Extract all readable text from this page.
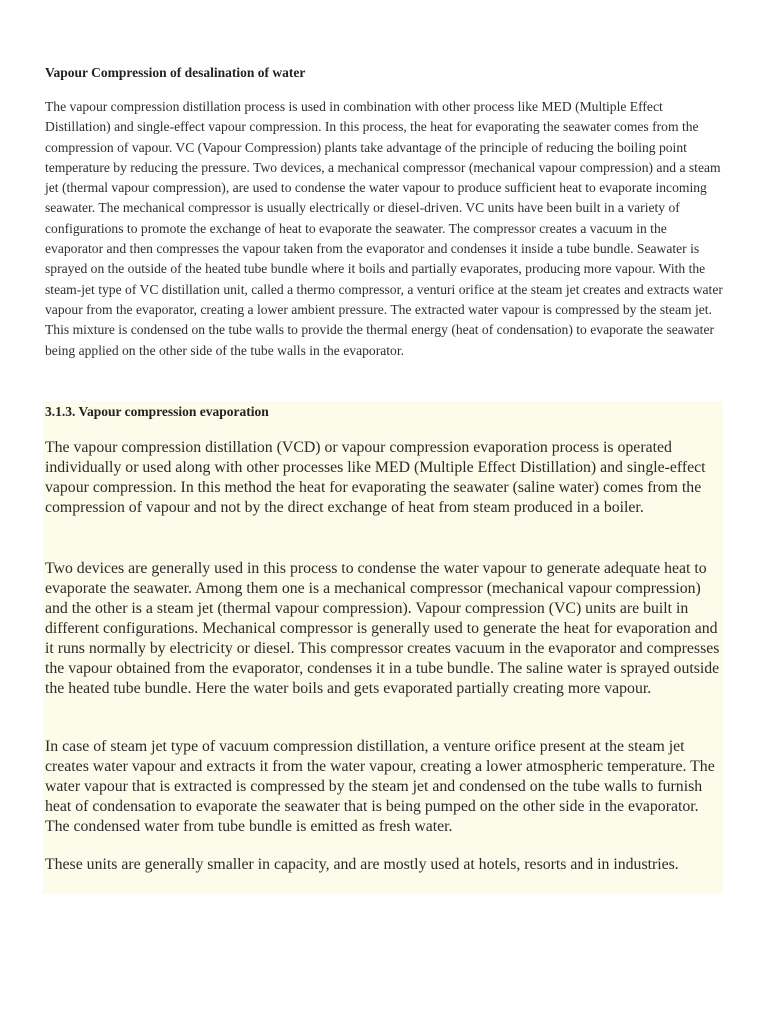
Vapour Compression of desalination of water

The vapour compression distillation process is used in combination with other process like MED (Multiple Effect Distillation) and single-effect vapour compression. In this process, the heat for evaporating the seawater comes from the compression of vapour. VC (Vapour Compression) plants take advantage of the principle of reducing the boiling point temperature by reducing the pressure. Two devices, a mechanical compressor (mechanical vapour compression) and a steam jet (thermal vapour compression), are used to condense the water vapour to produce sufficient heat to evaporate incoming seawater. The mechanical compressor is usually electrically or diesel-driven. VC units have been built in a variety of configurations to promote the exchange of heat to evaporate the seawater. The compressor creates a vacuum in the evaporator and then compresses the vapour taken from the evaporator and condenses it inside a tube bundle. Seawater is sprayed on the outside of the heated tube bundle where it boils and partially evaporates, producing more vapour. With the steam-jet type of VC distillation unit, called a thermo compressor, a venturi orifice at the steam jet creates and extracts water vapour from the evaporator, creating a lower ambient pressure. The extracted water vapour is compressed by the steam jet. This mixture is condensed on the tube walls to provide the thermal energy (heat of condensation) to evaporate the seawater being applied on the other side of the tube walls in the evaporator.

3.1.3. Vapour compression evaporation

The vapour compression distillation (VCD) or vapour compression evaporation process is operated individually or used along with other processes like MED (Multiple Effect Distillation) and single-effect vapour compression. In this method the heat for evaporating the seawater (saline water) comes from the compression of vapour and not by the direct exchange of heat from steam produced in a boiler.

Two devices are generally used in this process to condense the water vapour to generate adequate heat to evaporate the seawater. Among them one is a mechanical compressor (mechanical vapour compression) and the other is a steam jet (thermal vapour compression). Vapour compression (VC) units are built in different configurations. Mechanical compressor is generally used to generate the heat for evaporation and it runs normally by electricity or diesel. This compressor creates vacuum in the evaporator and compresses the vapour obtained from the evaporator, condenses it in a tube bundle. The saline water is sprayed outside the heated tube bundle. Here the water boils and gets evaporated partially creating more vapour.

In case of steam jet type of vacuum compression distillation, a venture orifice present at the steam jet creates water vapour and extracts it from the water vapour, creating a lower atmospheric temperature. The water vapour that is extracted is compressed by the steam jet and condensed on the tube walls to furnish heat of condensation to evaporate the seawater that is being pumped on the other side in the evaporator. The condensed water from tube bundle is emitted as fresh water.

These units are generally smaller in capacity, and are mostly used at hotels, resorts and in industries.
